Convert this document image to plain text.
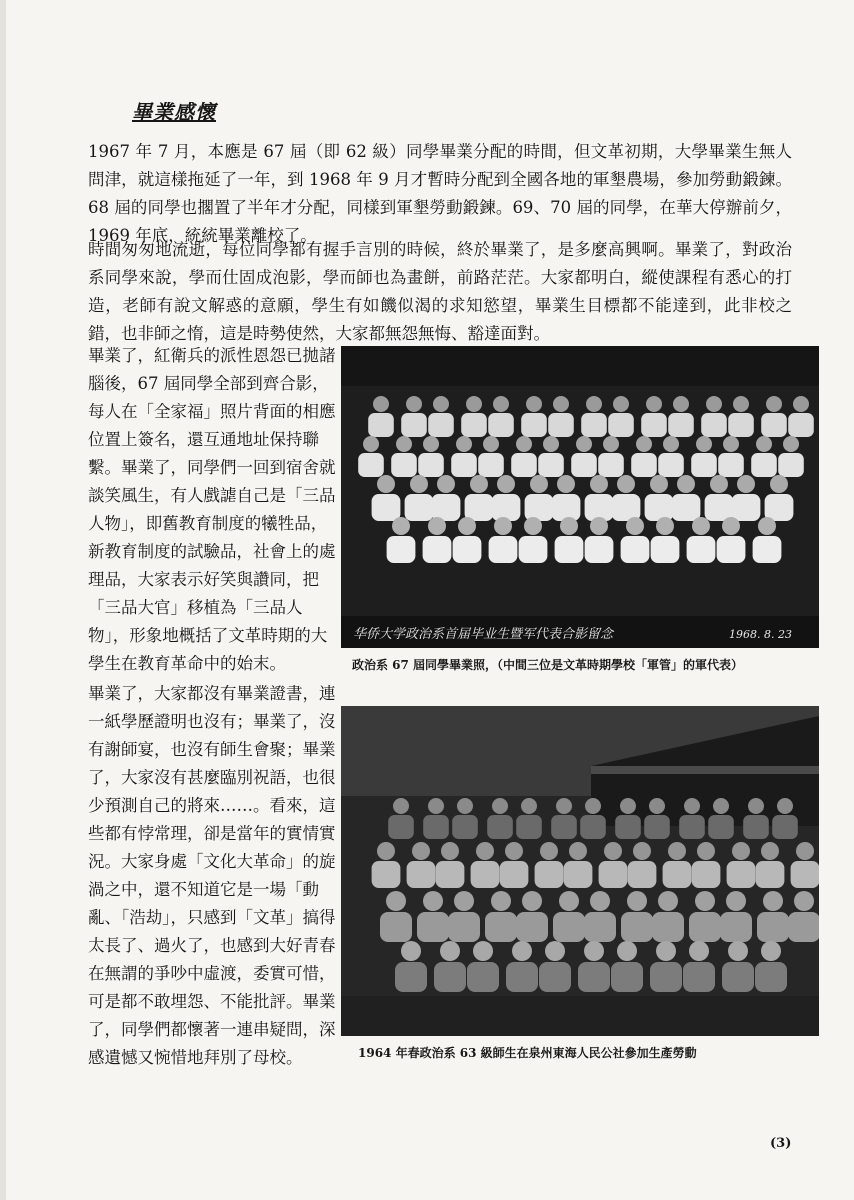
畢業感懷

1967 年 7 月，本應是 67 屆（即 62 級）同學畢業分配的時間，但文革初期，大學畢業生無人問津，就這樣拖延了一年，到 1968 年 9 月才暫時分配到全國各地的軍墾農場，參加勞動鍛鍊。68 屆的同學也擱置了半年才分配，同樣到軍墾勞動鍛鍊。69、70 屆的同學，在華大停辦前夕，1969 年底，統統畢業離校了。

時間匆匆地流逝，每位同學都有握手言別的時候，終於畢業了，是多麼高興啊。畢業了，對政治系同學來說，學而仕固成泡影，學而師也為畫餅，前路茫茫。大家都明白，縱使課程有悉心的打造，老師有說文解惑的意願，學生有如饑似渴的求知慾望，畢業生目標都不能達到，此非校之錯，也非師之惰，這是時勢使然，大家都無怨無悔、豁達面對。

畢業了，紅衛兵的派性恩怨已拋諸腦後，67 屆同學全部到齊合影，每人在「全家福」照片背面的相應位置上簽名，還互通地址保持聯繫。畢業了，同學們一回到宿舍就談笑風生，有人戲謔自己是「三品人物」，即舊教育制度的犧牲品，新教育制度的試驗品，社會上的處理品，大家表示好笑與讚同，把「三品大官」移植為「三品人物」，形象地概括了文革時期的大學生在教育革命中的始末。

畢業了，大家都沒有畢業證書，連一紙學歷證明也沒有；畢業了，沒有謝師宴，也沒有師生會聚；畢業了，大家沒有甚麼臨別祝語，也很少預測自己的將來……。看來，這些都有悖常理，卻是當年的實情實況。大家身處「文化大革命」的旋渦之中，還不知道它是一場「動亂、「浩劫」，只感到「文革」搞得太長了、過火了，也感到大好青春在無謂的爭吵中虛渡，委實可惜，可是都不敢埋怨、不能批評。畢業了，同學們都懷著一連串疑問，深感遺憾又惋惜地拜別了母校。

华侨大学政治系首届毕业生暨军代表合影留念	1968. 8. 23
政治系 67 屆同學畢業照，（中間三位是文革時期學校「軍管」的軍代表）
1964 年春政治系 63 級師生在泉州東海人民公社參加生產勞動
(3)
